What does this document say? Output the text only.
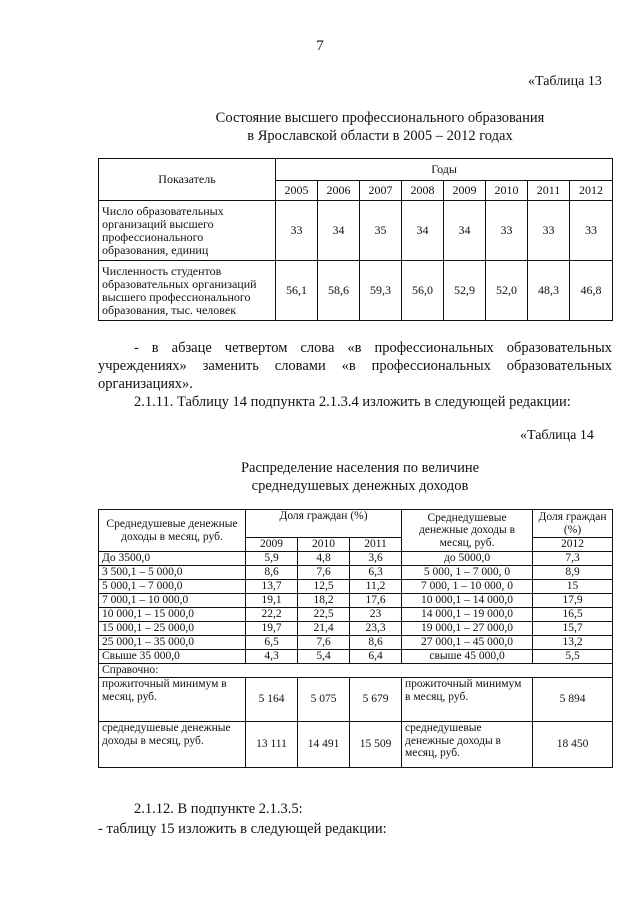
7
«Таблица 13
Состояние высшего профессионального образования
в Ярославской области в 2005 – 2012 годах
Показатель	Годы							
	2005	2006	2007	2008	2009	2010	2011	2012
Число образовательных организаций высшего профессионального образования, единиц	33	34	35	34	34	33	33	33
Численность студентов образовательных организаций высшего профессионального образования, тыс. человек	56,1	58,6	59,3	56,0	52,9	52,0	48,3	46,8
- в абзаце четвертом слова «в профессиональных образовательных учреждениях» заменить словами «в профессиональных образовательных организациях».
2.1.11. Таблицу 14 подпункта 2.1.3.4 изложить в следующей редакции:
«Таблица 14
Распределение населения по величине
среднедушевых денежных доходов
Среднедушевые денежные доходы в месяц, руб.	Доля граждан (%)			Среднедушевые денежные доходы в месяц, руб.	Доля граждан (%)
	2009	2010	2011		2012
До 3500,0	5,9	4,8	3,6	до 5000,0	7,3
3 500,1 – 5 000,0	8,6	7,6	6,3	5 000, 1 – 7 000, 0	8,9
5 000,1 – 7 000,0	13,7	12,5	11,2	7 000, 1 – 10 000, 0	15
7 000,1 – 10 000,0	19,1	18,2	17,6	10 000,1 – 14 000,0	17,9
10 000,1 – 15 000,0	22,2	22,5	23	14 000,1 – 19 000,0	16,5
15 000,1 – 25 000,0	19,7	21,4	23,3	19 000,1 – 27 000,0	15,7
25 000,1 – 35 000,0	6,5	7,6	8,6	27 000,1 – 45 000,0	13,2
Свыше 35 000,0	4,3	5,4	6,4	свыше 45 000,0	5,5
Справочно:					
прожиточный минимум в месяц, руб.	5 164	5 075	5 679	прожиточный минимум в месяц, руб.	5 894
среднедушевые денежные доходы в месяц, руб.	13 111	14 491	15 509	среднедушевые денежные доходы в месяц, руб.	18 450
2.1.12. В подпункте 2.1.3.5:
- таблицу 15 изложить в следующей редакции:
